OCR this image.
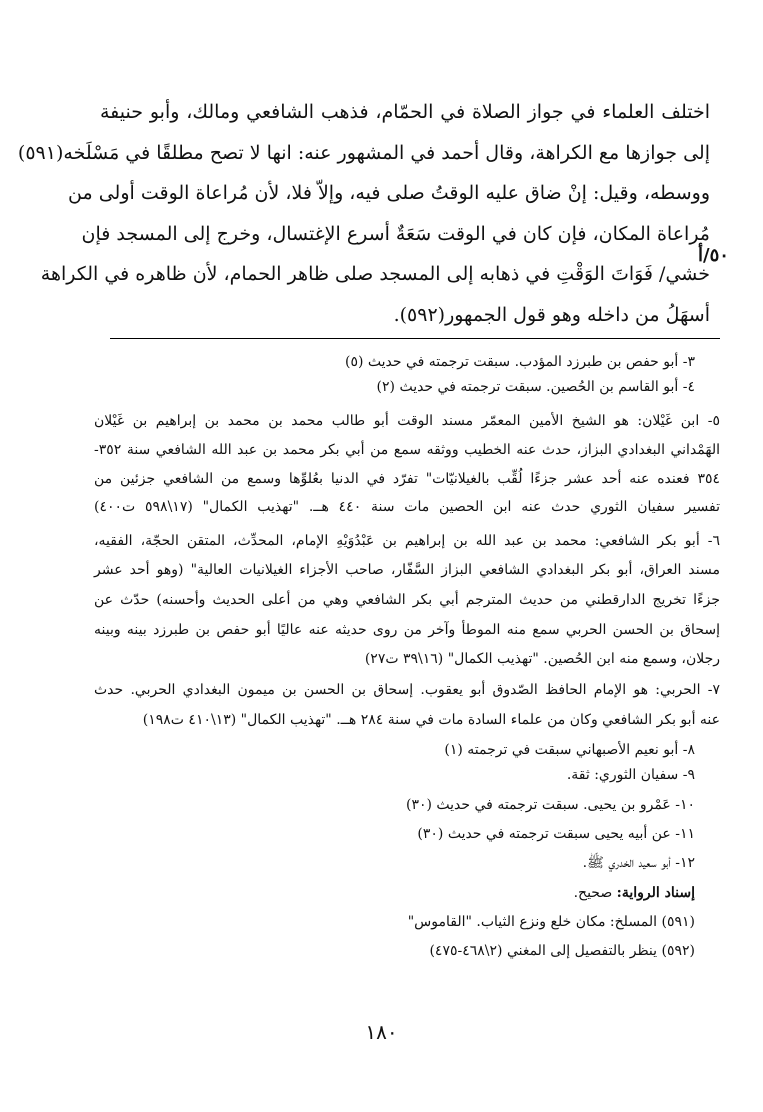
اختلف العلماء في جواز الصلاة في الحمّام، فذهب الشافعي ومالك، وأبو حنيفة
إلى جوازها مع الكراهة، وقال أحمد في المشهور عنه: انها لا تصح مطلقًا في مَسْلَخه(٥٩١)
ووسطه، وقيل: إنْ ضاق عليه الوقتُ صلى فيه، وإلاّ فلا، لأن مُراعاة الوقت أولى من
مُراعاة المكان، فإن كان في الوقت سَعَةٌ أسرع الإغتسال، وخرج إلى المسجد فإن
خشي/ فَوَاتَ الوَقْتِ في ذهابه إلى المسجد صلى ظاهر الحمام، لأن ظاهره في الكراهة
أسهَلُ من داخله وهو قول الجمهور(٥٩٢).
٥٠/أ
٣- أبو حفص بن طبرزد المؤدب. سبقت ترجمته في حديث (٥)
٤- أبو القاسم بن الحُصين. سبقت ترجمته في حديث (٢)
٥- ابن غَيْلان: هو الشيخ الأمين المعمّر مسند الوقت أبو طالب محمد بن محمد بن إبراهيم بن غَيْلان
الهَمْداني البغدادي البزاز، حدث عنه الخطيب ووثقه سمع من أبي بكر محمد بن عبد الله الشافعي سنة ٣٥٢-
٣٥٤ فعنده عنه أحد عشر جزءًا لُقِّب بالغيلانيّات" تفرّد في الدنيا بعُلوِّها وسمع من الشافعي جزئين من
تفسير سفيان الثوري حدث عنه ابن الحصين مات سنة ٤٤٠ هــ. "تهذيب الكمال" (١٧\٥٩٨ ت٤٠٠)
٦- أبو بكر الشافعي: محمد بن عبد الله بن إبراهيم بن عَبْدُوَيْهِ الإمام، المحدِّث، المتقن الحجّة، الفقيه،
مسند العراق، أبو بكر البغدادي الشافعي البزاز السَّفّار، صاحب الأجزاء الغيلانيات العالية" (وهو أحد عشر
جزءًا تخريج الدارقطني من حديث المترجم أبي بكر الشافعي وهي من أعلى الحديث وأحسنه) حدّث عن
إسحاق بن الحسن الحربي سمع منه الموطأ وآخر من روى حديثه عنه عاليًا أبو حفص بن طبرزد بينه وبينه
رجلان، وسمع منه ابن الحُصين. "تهذيب الكمال" (١٦\٣٩ ت٢٧)
٧- الحربي: هو الإمام الحافظ الصّدوق أبو يعقوب. إسحاق بن الحسن بن ميمون البغدادي الحربي. حدث
عنه أبو بكر الشافعي وكان من علماء السادة مات في سنة ٢٨٤ هــ. "تهذيب الكمال" (١٣\٤١٠ ت١٩٨)
٨- أبو نعيم الأصبهاني سبقت في ترجمته (١)
٩- سفيان الثوري: ثقة.
١٠- عَمْرو بن يحيى. سبقت ترجمته في حديث (٣٠)
١١- عن أبيه يحيى سبقت ترجمته في حديث (٣٠)
١٢- أبو سعيد الخدري ﷺ.
إسناد الرواية: صحيح.
(٥٩١) المسلخ: مكان خلع ونزع الثياب. "القاموس"
(٥٩٢) ينظر بالتفصيل إلى المغني (٢\٤٦٨-٤٧٥)
١٨٠
